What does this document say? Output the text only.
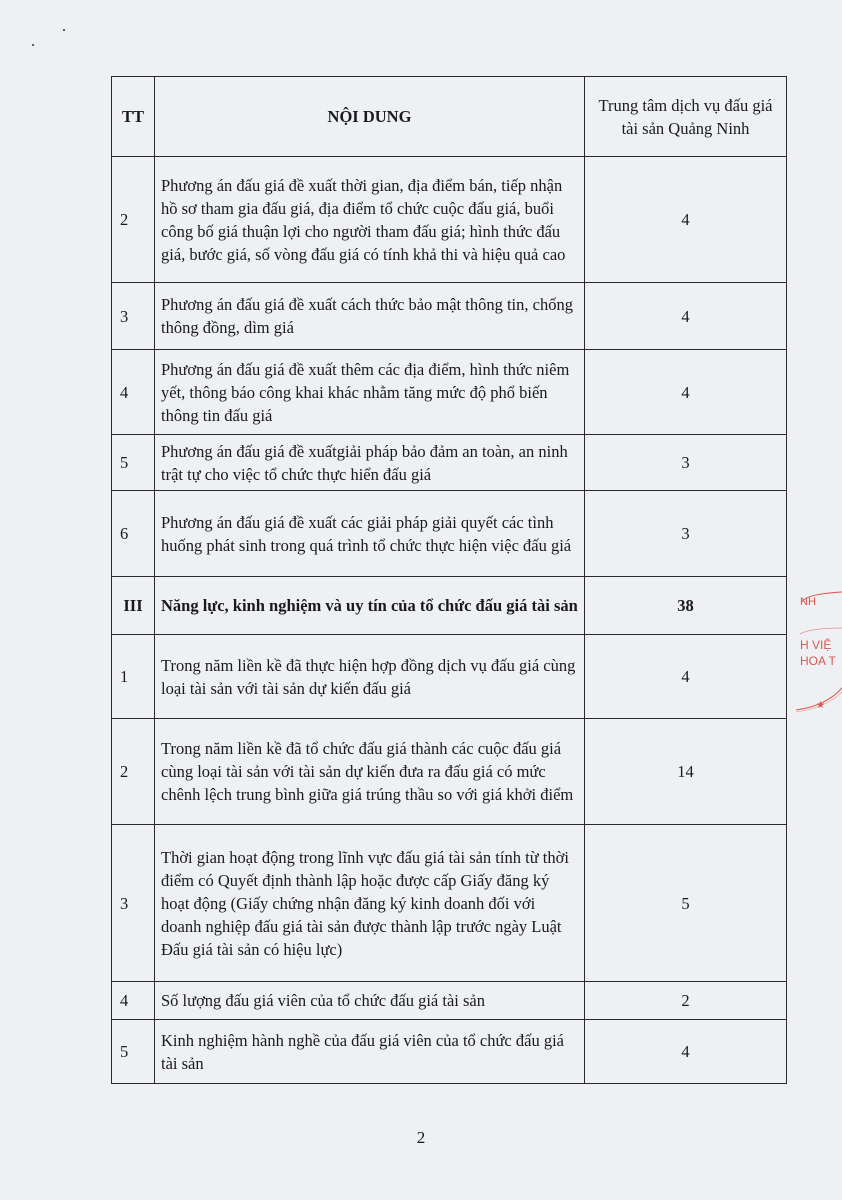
TT	NỘI DUNG	Trung tâm dịch vụ đấu giá tài sản Quảng Ninh
2	Phương án đấu giá đề xuất thời gian, địa điểm bán, tiếp nhận hồ sơ tham gia đấu giá, địa điểm tổ chức cuộc đấu giá, buổi công bố giá thuận lợi cho người tham đấu giá; hình thức đấu giá, bước giá, số vòng đấu giá có tính khả thi và hiệu quả cao	4
3	Phương án đấu giá đề xuất cách thức bảo mật thông tin, chống thông đồng, dìm giá	4
4	Phương án đấu giá đề xuất thêm các địa điểm, hình thức niêm yết, thông báo công khai khác nhằm tăng mức độ phổ biến thông tin đấu giá	4
5	Phương án đấu giá đề xuấtgiải pháp bảo đảm an toàn, an ninh trật tự cho việc tổ chức thực hiển đấu giá	3
6	Phương án đấu giá đề xuất các giải pháp giải quyết các tình huống phát sinh trong quá trình tổ chức thực hiện việc đấu giá	3
III	Năng lực, kinh nghiệm và uy tín của tổ chức đấu giá tài sản	38
1	Trong năm liền kề đã thực hiện hợp đồng dịch vụ đấu giá cùng loại tài sản với tài sản dự kiến đấu giá	4
2	Trong năm liền kề đã tổ chức đấu giá thành các cuộc đấu giá cùng loại tài sản với tài sản dự kiến đưa ra đấu giá có mức chênh lệch trung bình giữa giá trúng thầu so với giá khởi điểm	14
3	Thời gian hoạt động trong lĩnh vực đấu giá tài sản tính từ thời điểm có Quyết định thành lập hoặc được cấp Giấy đăng ký hoạt động (Giấy chứng nhận đăng ký kinh doanh đối với doanh nghiệp đấu giá tài sản được thành lập trước ngày Luật Đấu giá tài sản có hiệu lực)	5
4	Số lượng đấu giá viên của tổ chức đấu giá tài sản	2
5	Kinh nghiệm hành nghề của đấu giá viên của tổ chức đấu giá tài sản	4
NH
H VIỆ
HOA T
★
2
